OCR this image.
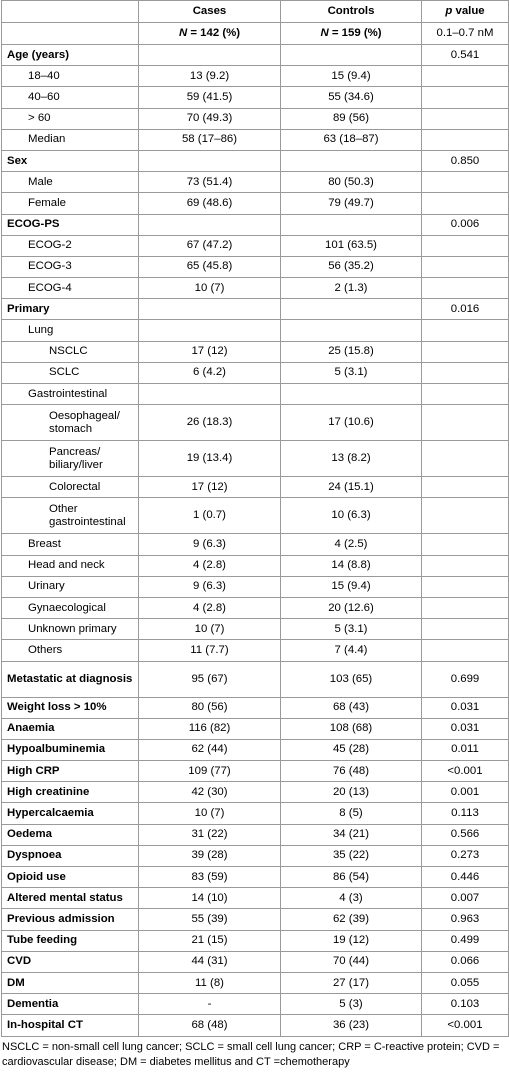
	Cases	Controls	p value
	N = 142 (%)	N = 159 (%)	0.1–0.7 nM
Age (years)			0.541
18–40	13 (9.2)	15 (9.4)	
40–60	59 (41.5)	55 (34.6)	
> 60	70 (49.3)	89 (56)	
Median	58 (17–86)	63 (18–87)	
Sex			0.850
Male	73 (51.4)	80 (50.3)	
Female	69 (48.6)	79 (49.7)	
ECOG-PS			0.006
ECOG-2	67 (47.2)	101 (63.5)	
ECOG-3	65 (45.8)	56 (35.2)	
ECOG-4	10 (7)	2 (1.3)	
Primary			0.016
Lung			
NSCLC	17 (12)	25 (15.8)	
SCLC	6 (4.2)	5 (3.1)	
Gastrointestinal			
Oesophageal/ stomach	26 (18.3)	17 (10.6)	
Pancreas/ biliary/liver	19 (13.4)	13 (8.2)	
Colorectal	17 (12)	24 (15.1)	
Other gastrointestinal	1 (0.7)	10 (6.3)	
Breast	9 (6.3)	4 (2.5)	
Head and neck	4 (2.8)	14 (8.8)	
Urinary	9 (6.3)	15 (9.4)	
Gynaecological	4 (2.8)	20 (12.6)	
Unknown primary	10 (7)	5 (3.1)	
Others	11 (7.7)	7 (4.4)	
Metastatic at diagnosis	95 (67)	103 (65)	0.699
Weight loss > 10%	80 (56)	68 (43)	0.031
Anaemia	116 (82)	108 (68)	0.031
Hypoalbuminemia	62 (44)	45 (28)	0.011
High CRP	109 (77)	76 (48)	<0.001
High creatinine	42 (30)	20 (13)	0.001
Hypercalcaemia	10 (7)	8 (5)	0.113
Oedema	31 (22)	34 (21)	0.566
Dyspnoea	39 (28)	35 (22)	0.273
Opioid use	83 (59)	86 (54)	0.446
Altered mental status	14 (10)	4 (3)	0.007
Previous admission	55 (39)	62 (39)	0.963
Tube feeding	21 (15)	19 (12)	0.499
CVD	44 (31)	70 (44)	0.066
DM	11 (8)	27 (17)	0.055
Dementia	-	5 (3)	0.103
In-hospital CT	68 (48)	36 (23)	<0.001
NSCLC = non-small cell lung cancer; SCLC = small cell lung cancer; CRP = C-reactive protein; CVD = cardiovascular disease; DM = diabetes mellitus and CT =chemotherapy
